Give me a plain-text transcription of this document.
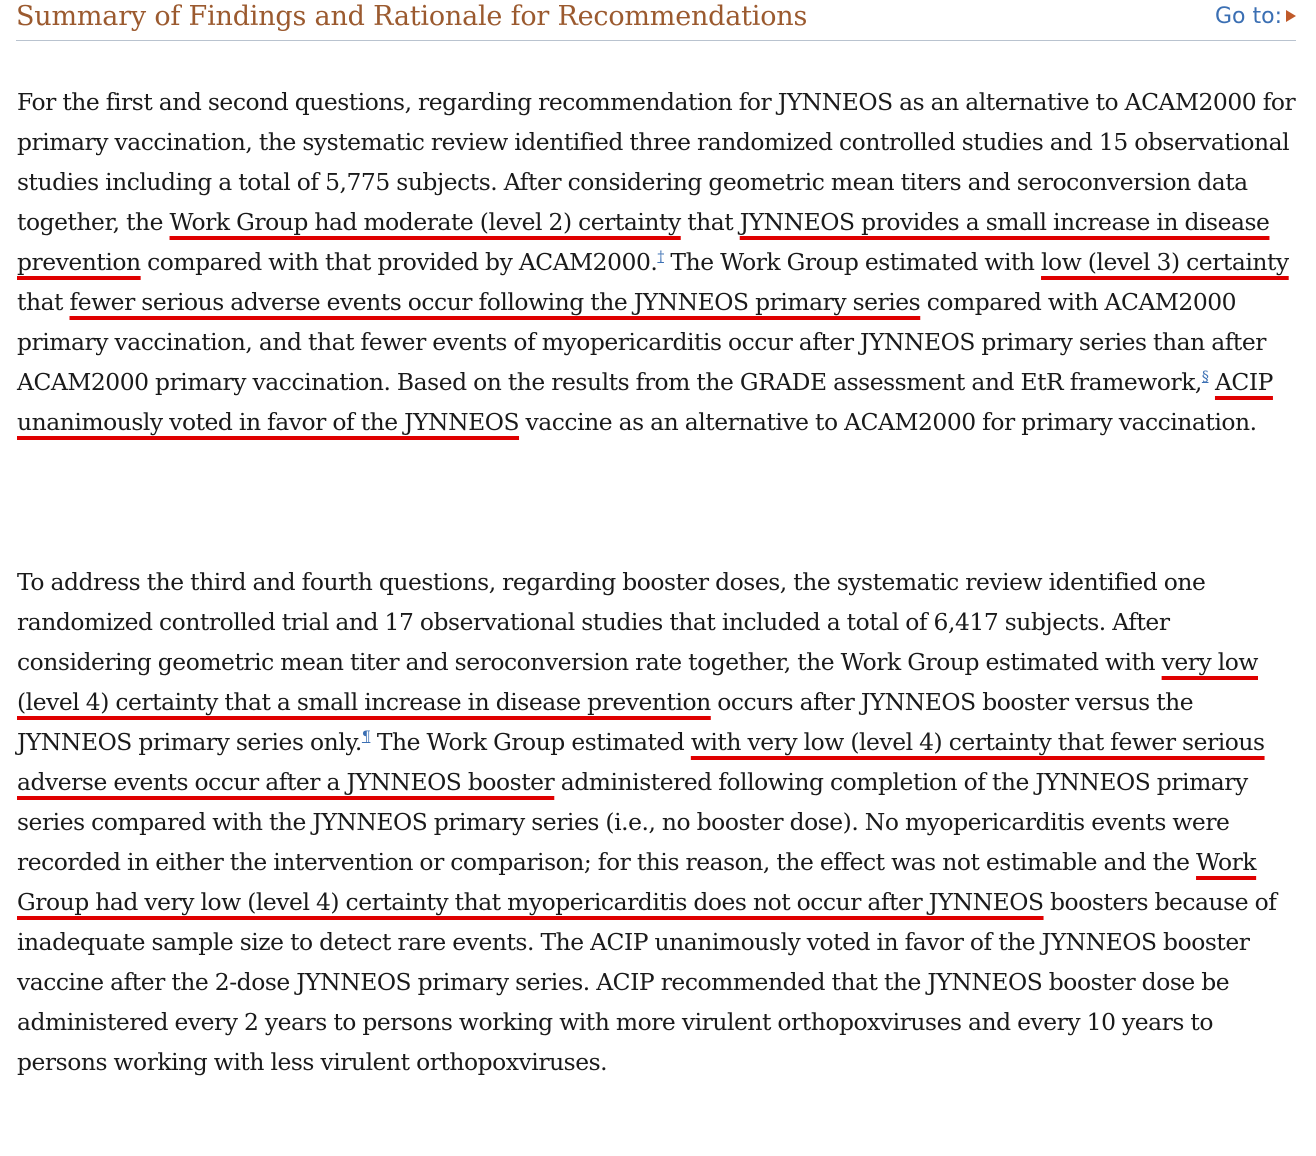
Summary of Findings and Rationale for Recommendations	Go to:

For the first and second questions, regarding recommendation for JYNNEOS as an alternative to ACAM2000 for primary vaccination, the systematic review identified three randomized controlled studies and 15 observational studies including a total of 5,775 subjects. After considering geometric mean titers and seroconversion data together, the Work Group had moderate (level 2) certainty that JYNNEOS provides a small increase in disease prevention compared with that provided by ACAM2000.† The Work Group estimated with low (level 3) certainty that fewer serious adverse events occur following the JYNNEOS primary series compared with ACAM2000 primary vaccination, and that fewer events of myopericarditis occur after JYNNEOS primary series than after ACAM2000 primary vaccination. Based on the results from the GRADE assessment and EtR framework,§ ACIP unanimously voted in favor of the JYNNEOS vaccine as an alternative to ACAM2000 for primary vaccination.

To address the third and fourth questions, regarding booster doses, the systematic review identified one randomized controlled trial and 17 observational studies that included a total of 6,417 subjects. After considering geometric mean titer and seroconversion rate together, the Work Group estimated with very low (level 4) certainty that a small increase in disease prevention occurs after JYNNEOS booster versus the JYNNEOS primary series only.¶ The Work Group estimated with very low (level 4) certainty that fewer serious adverse events occur after a JYNNEOS booster administered following completion of the JYNNEOS primary series compared with the JYNNEOS primary series (i.e., no booster dose). No myopericarditis events were recorded in either the intervention or comparison; for this reason, the effect was not estimable and the Work Group had very low (level 4) certainty that myopericarditis does not occur after JYNNEOS boosters because of inadequate sample size to detect rare events. The ACIP unanimously voted in favor of the JYNNEOS booster vaccine after the 2-dose JYNNEOS primary series. ACIP recommended that the JYNNEOS booster dose be administered every 2 years to persons working with more virulent orthopoxviruses and every 10 years to persons working with less virulent orthopoxviruses.
